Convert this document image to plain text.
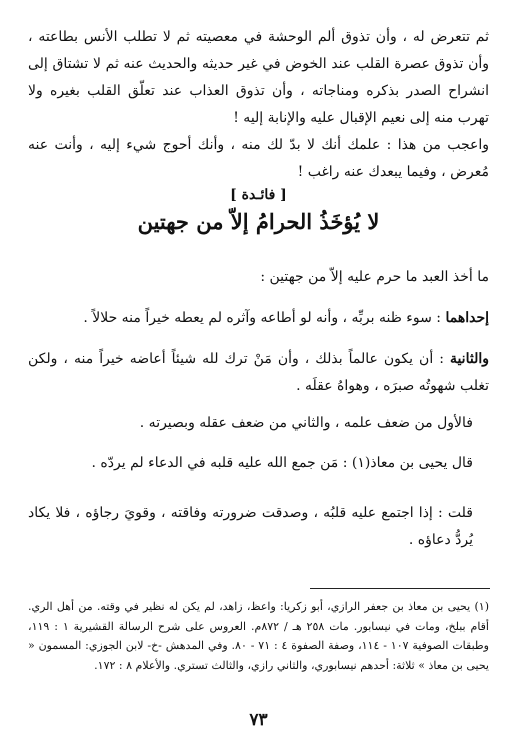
ثم تتعرض له ، وأن تذوق ألم الوحشة في معصيته ثم لا تطلب الأنس بطاعته ، وأن تذوق عصرة القلب عند الخوض في غير حديثه والحديث عنه ثم لا تشتاق إلى انشراح الصدر بذكره ومناجاته ، وأن تذوق العذاب عند تعلّق القلب بغيره ولا تهرب منه إلى نعيم الإقبال عليه والإنابة إليه !

واعجب من هذا : علمك أنك لا بدّ لك منه ، وأنك أحوج شيء إليه ، وأنت عنه مُعرض ، وفيما يبعدك عنه راغب !

[ فائـدة ]
لا يُؤخَذُ الحرامُ إلاّ من جهتين

ما أخذ العبد ما حرم عليه إلاّ من جهتين :

إحداهما : سوء ظنه بربِّه ، وأنه لو أطاعه وآثره لم يعطه خيراً منه حلالاً .

والثانية : أن يكون عالماً بذلك ، وأن مَنْ ترك لله شيئاً أعاضه خيراً منه ، ولكن تغلب شهوتُه صبرَه ، وهواهُ عقلَه .

فالأول من ضعف علمه ، والثاني من ضعف عقله وبصيرته .

قال يحيى بن معاذ(١) : مَن جمع الله عليه قلبه في الدعاء لم يردّه .

قلت : إذا اجتمع عليه قلبُه ، وصدقت ضرورته وفاقته ، وقويَ رجاؤه ، فلا يكاد يُردُّ دعاؤه .

(١) يحيى بن معاذ بن جعفر الرازي، أبو زكريا: واعظ، زاهد، لم يكن له نظير في وقته. من أهل الري. أقام ببلخ، ومات في نيسابور. مات ٢٥٨ هـ / ٨٧٢م. العروس على شرح الرسالة القشيرية ١ : ١١٩، وطبقات الصوفية ١٠٧ - ١١٤، وصفة الصفوة ٤ : ٧١ - ٨٠. وفي المدهش -خ- لابن الجوزي: المسمون « يحيى بن معاذ » ثلاثة: أحدهم نيسابوري، والثاني رازي، والثالث تستري. والأعلام ٨ : ١٧٢.

٧٣
